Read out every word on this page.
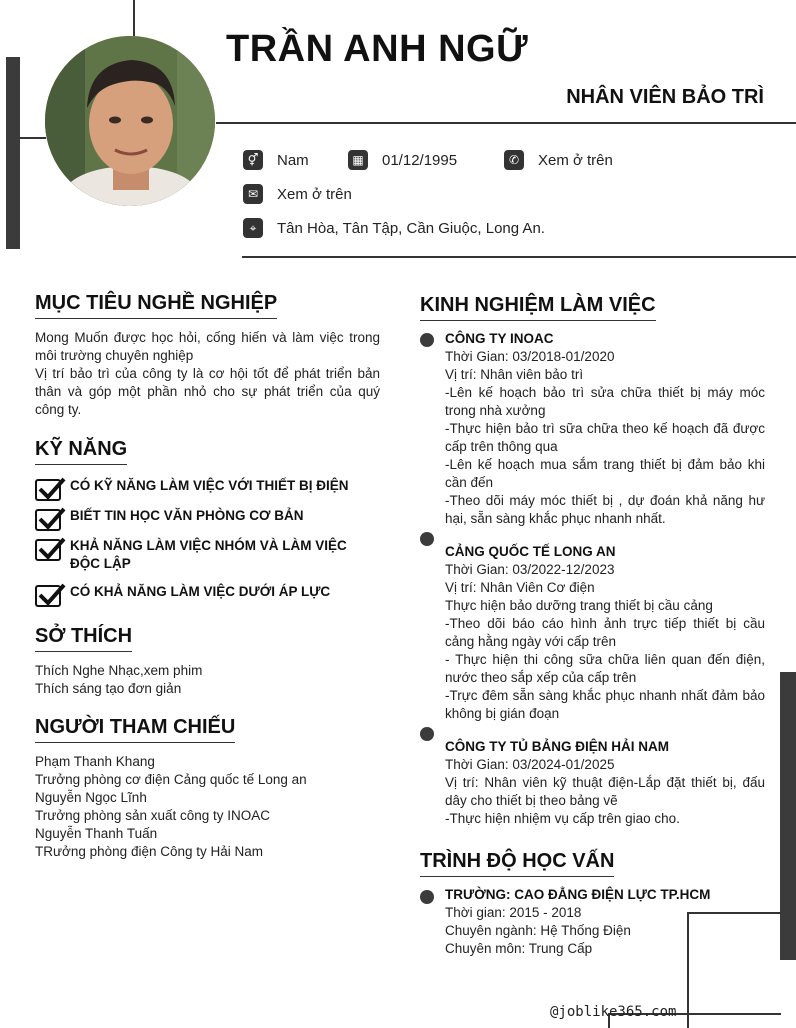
TRẦN ANH NGỮ
NHÂN VIÊN BẢO TRÌ
⚥	Nam	▦ 01/12/1995	✆	Xem ở trên
✉	Xem ở trên
⌖	Tân Hòa, Tân Tập, Cần Giuộc, Long An.
MỤC TIÊU NGHỀ NGHIỆP
Mong Muốn được học hỏi, cống hiến và làm việc trong môi trường chuyên nghiệp
Vị trí bảo trì của công ty là cơ hội tốt để phát triển bản thân và góp một phần nhỏ cho sự phát triển của quý công ty.
KỸ NĂNG
CÓ KỸ NĂNG LÀM VIỆC VỚI THIẾT BỊ ĐIỆN
BIẾT TIN HỌC VĂN PHÒNG CƠ BẢN
KHẢ NĂNG LÀM VIỆC NHÓM VÀ LÀM VIỆC ĐỘC LẬP
CÓ KHẢ NĂNG LÀM VIỆC DƯỚI ÁP LỰC
SỞ THÍCH
Thích Nghe Nhạc,xem phim
Thích sáng tạo đơn giản
NGƯỜI THAM CHIẾU
Phạm Thanh Khang
Trưởng phòng cơ điện Cảng quốc tế Long an
Nguyễn Ngọc Lĩnh
Trưởng phòng sản xuất công ty INOAC
Nguyễn Thanh Tuấn
TRưởng phòng điện Công ty Hải Nam
KINH NGHIỆM LÀM VIỆC
CÔNG TY INOAC
Thời Gian: 03/2018-01/2020
Vị trí: Nhân viên bảo trì
-Lên kế hoạch bảo trì sửa chữa thiết bị máy móc trong nhà xưởng
-Thực hiện bảo trì sữa chữa theo kế hoạch đã được cấp trên thông qua
-Lên kế hoạch mua sắm trang thiết bị đảm bảo khi cần đến
-Theo dõi máy móc thiết bị , dự đoán khả năng hư hại, sẵn sàng khắc phục nhanh nhất.
CẢNG QUỐC TẾ LONG AN
Thời Gian: 03/2022-12/2023
Vị trí: Nhân Viên Cơ điện
Thực hiện bảo dưỡng trang thiết bị cầu cảng
-Theo dõi báo cáo hình ảnh trực tiếp thiết bị cầu cảng hằng ngày với cấp trên
- Thực hiện thi công sữa chữa liên quan đến điện, nước theo sắp xếp của cấp trên
-Trực đêm sẵn sàng khắc phục nhanh nhất đảm bảo không bị gián đoạn
CÔNG TY TỦ BẢNG ĐIỆN HẢI NAM
Thời Gian: 03/2024-01/2025
Vị trí: Nhân viên kỹ thuật điện-Lắp đặt thiết bị, đấu dây cho thiết bị theo bảng vẽ
-Thực hiện nhiệm vụ cấp trên giao cho.
TRÌNH ĐỘ HỌC VẤN
TRƯỜNG: CAO ĐẲNG ĐIỆN LỰC TP.HCM
Thời gian: 2015 - 2018
Chuyên ngành: Hệ Thống Điện
Chuyên môn: Trung Cấp
@joblike365.com
